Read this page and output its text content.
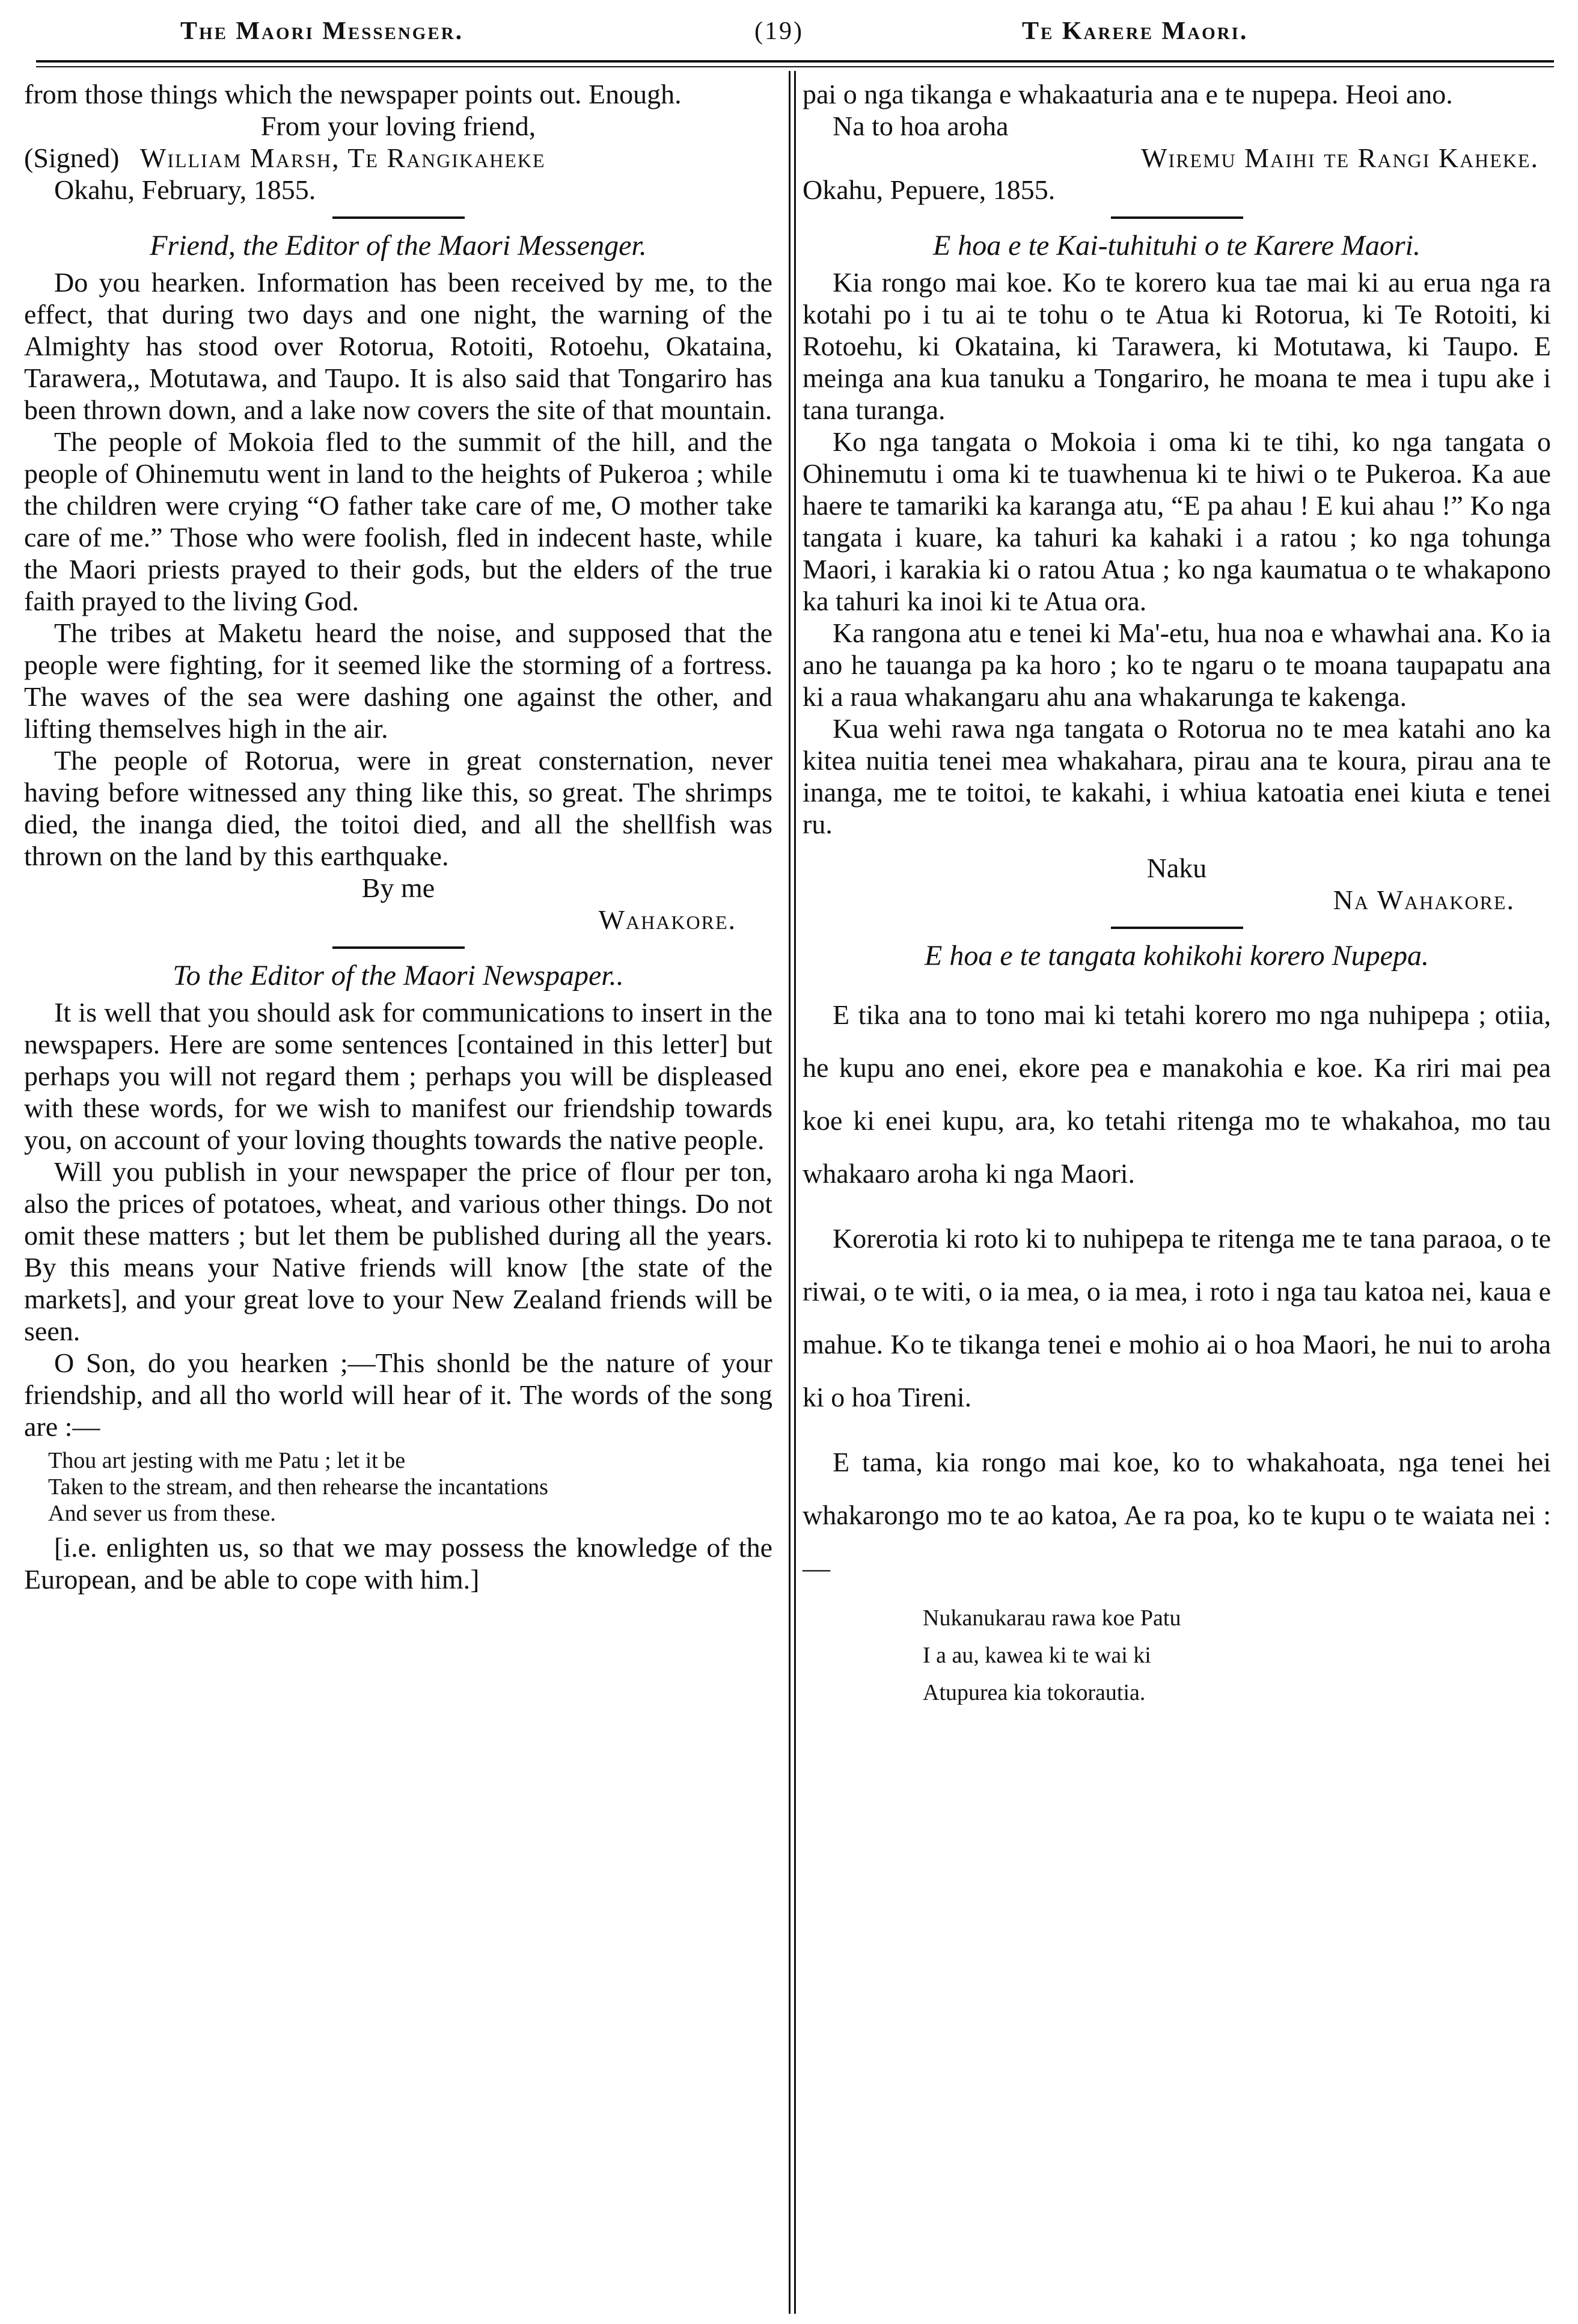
The Maori Messenger.	(19)	Te Karere Maori.

from those things which the newspaper points out. Enough.

From your loving friend,

(Signed) William Marsh, Te Rangikaheke

Okahu, February, 1855.

Friend, the Editor of the Maori Messenger.

Do you hearken. Information has been received by me, to the effect, that during two days and one night, the warning of the Almighty has stood over Rotorua, Rotoiti, Rotoehu, Okataina, Tarawera,, Motutawa, and Taupo. It is also said that Tongariro has been thrown down, and a lake now covers the site of that mountain.

The people of Mokoia fled to the summit of the hill, and the people of Ohinemutu went in land to the heights of Pukeroa ; while the children were crying “O father take care of me, O mother take care of me.” Those who were foolish, fled in indecent haste, while the Maori priests prayed to their gods, but the elders of the true faith prayed to the living God.

The tribes at Maketu heard the noise, and supposed that the people were fighting, for it seemed like the storming of a fortress. The waves of the sea were dashing one against the other, and lifting themselves high in the air.

The people of Rotorua, were in great consternation, never having before witnessed any thing like this, so great. The shrimps died, the inanga died, the toitoi died, and all the shellfish was thrown on the land by this earthquake.

By me

Wahakore.

To the Editor of the Maori Newspaper..

It is well that you should ask for communications to insert in the newspapers. Here are some sentences [contained in this letter] but perhaps you will not regard them ; perhaps you will be displeased with these words, for we wish to manifest our friendship towards you, on account of your loving thoughts towards the native people.

Will you publish in your newspaper the price of flour per ton, also the prices of potatoes, wheat, and various other things. Do not omit these matters ; but let them be published during all the years. By this means your Native friends will know [the state of the markets], and your great love to your New Zealand friends will be seen.

O Son, do you hearken ;—This shonld be the nature of your friendship, and all tho world will hear of it. The words of the song are :—

Thou art jesting with me Patu ; let it be
Taken to the stream, and then rehearse the incantations
And sever us from these.

[i.e. enlighten us, so that we may possess the knowledge of the European, and be able to cope with him.]

pai o nga tikanga e whakaaturia ana e te nupepa. Heoi ano.

Na to hoa aroha

Wiremu Maihi te Rangi Kaheke.

Okahu, Pepuere, 1855.

E hoa e te Kai-tuhituhi o te Karere Maori.

Kia rongo mai koe. Ko te korero kua tae mai ki au erua nga ra kotahi po i tu ai te tohu o te Atua ki Rotorua, ki Te Rotoiti, ki Rotoehu, ki Okataina, ki Tarawera, ki Motutawa, ki Taupo. E meinga ana kua tanuku a Tongariro, he moana te mea i tupu ake i tana turanga.

Ko nga tangata o Mokoia i oma ki te tihi, ko nga tangata o Ohinemutu i oma ki te tuawhenua ki te hiwi o te Pukeroa. Ka aue haere te tamariki ka karanga atu, “E pa ahau ! E kui ahau !” Ko nga tangata i kuare, ka tahuri ka kahaki i a ratou ; ko nga tohunga Maori, i karakia ki o ratou Atua ; ko nga kaumatua o te whakapono ka tahuri ka inoi ki te Atua ora.

Ka rangona atu e tenei ki Ma'-etu, hua noa e whawhai ana. Ko ia ano he tauanga pa ka horo ; ko te ngaru o te moana taupapatu ana ki a raua whakangaru ahu ana whakarunga te kakenga.

Kua wehi rawa nga tangata o Rotorua no te mea katahi ano ka kitea nuitia tenei mea whakahara, pirau ana te koura, pirau ana te inanga, me te toitoi, te kakahi, i whiua katoatia enei kiuta e tenei ru.

Naku

Na Wahakore.

E hoa e te tangata kohikohi korero Nupepa.

E tika ana to tono mai ki tetahi korero mo nga nuhipepa ; otiia, he kupu ano enei, ekore pea e manakohia e koe. Ka riri mai pea koe ki enei kupu, ara, ko tetahi ritenga mo te whakahoa, mo tau whakaaro aroha ki nga Maori.

Korerotia ki roto ki to nuhipepa te ritenga me te tana paraoa, o te riwai, o te witi, o ia mea, o ia mea, i roto i nga tau katoa nei, kaua e mahue. Ko te tikanga tenei e mohio ai o hoa Maori, he nui to aroha ki o hoa Tireni.

E tama, kia rongo mai koe, ko to whakahoata, nga tenei hei whakarongo mo te ao katoa, Ae ra poa, ko te kupu o te waiata nei :—

Nukanukarau rawa koe Patu
I a au, kawea ki te wai ki
Atupurea kia tokorautia.
